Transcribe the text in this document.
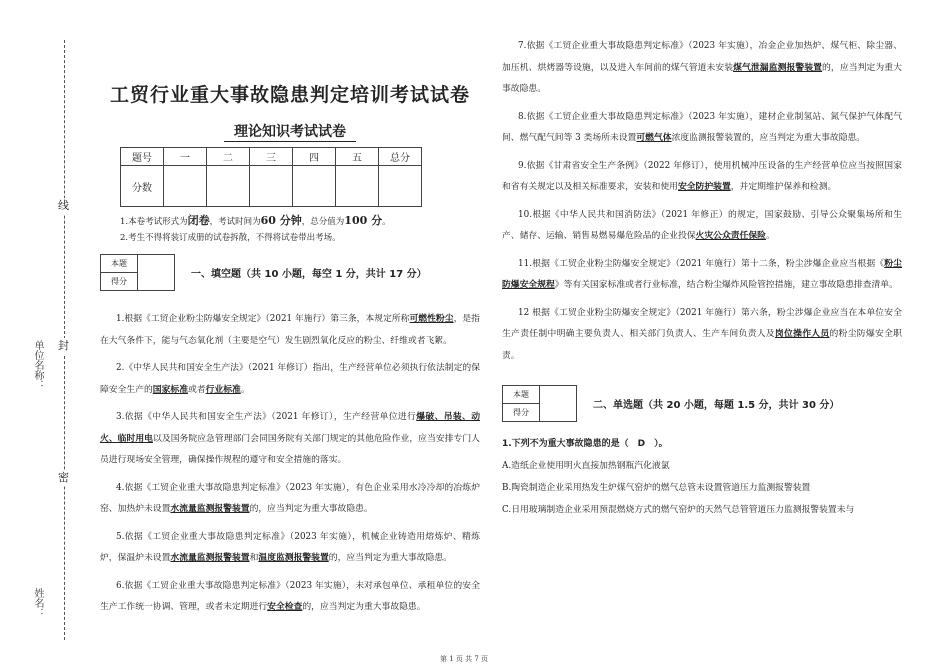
线
封
密
单位名称：
姓名：
工贸行业重大事故隐患判定培训考试试卷
理论知识考试试卷
题号	一	二	三	四	五	总分
分数						
1.本卷考试形式为闭卷，考试时间为60 分钟，总分值为100 分。
2.考生不得将装订成册的试卷拆散，不得将试卷带出考场。
本题	
得分
一、填空题（共 10 小题，每空 1 分，共计 17 分）

1.根据《工贸企业粉尘防爆安全规定》（2021 年施行）第三条，本规定所称可燃性粉尘，是指在大气条件下，能与气态氧化剂（主要是空气）发生剧烈氧化反应的粉尘、纤维或者飞絮。

2.《中华人民共和国安全生产法》（2021 年修订）指出，生产经营单位必须执行依法制定的保障安全生产的国家标准或者行业标准。

3.依据《中华人民共和国安全生产法》（2021 年修订），生产经营单位进行爆破、吊装、动火、临时用电以及国务院应急管理部门会同国务院有关部门规定的其他危险作业，应当安排专门人员进行现场安全管理，确保操作规程的遵守和安全措施的落实。

4.依据《工贸企业重大事故隐患判定标准》（2023 年实施），有色企业采用水冷冷却的冶炼炉窑、加热炉未设置水流量监测报警装置的，应当判定为重大事故隐患。

5.依据《工贸企业重大事故隐患判定标准》（2023 年实施），机械企业铸造用熔炼炉、精炼炉，保温炉未设置水流量监测报警装置和温度监测报警装置的，应当判定为重大事故隐患。

6.依据《工贸企业重大事故隐患判定标准》（2023 年实施），未对承包单位、承租单位的安全生产工作统一协调、管理，或者未定期进行安全检查的，应当判定为重大事故隐患。

7.依据《工贸企业重大事故隐患判定标准》（2023 年实施），冶金企业加热炉、煤气柜、除尘器、加压机、烘烤器等设施，以及进入车间前的煤气管道未安装煤气泄漏监测报警装置的，应当判定为重大事故隐患。

8.依据《工贸企业重大事故隐患判定标准》（2023 年实施），建材企业制氢站、氮气保护气体配气间、燃气配气间等 3 类场所未设置可燃气体浓度监测报警装置的，应当判定为重大事故隐患。

9.依据《甘肃省安全生产条例》（2022 年修订），使用机械冲压设备的生产经营单位应当按照国家和省有关规定以及相关标准要求，安装和使用安全防护装置，并定期维护保养和检测。

10.根据《中华人民共和国消防法》（2021 年修正）的规定，国家鼓励、引导公众聚集场所和生产、储存、运输、销售易燃易爆危险品的企业投保火灾公众责任保险。

11.根据《工贸企业粉尘防爆安全规定》（2021 年施行）第十二条，粉尘涉爆企业应当根据《粉尘防爆安全规程》等有关国家标准或者行业标准，结合粉尘爆炸风险管控措施，建立事故隐患排查清单。

12 根据《工贸企业粉尘防爆安全规定》（2021 年施行）第六条，粉尘涉爆企业应当在本单位安全生产责任制中明确主要负责人、相关部门负责人、生产车间负责人及岗位操作人员的粉尘防爆安全职责。

本题	
得分
二、单选题（共 20 小题，每题 1.5 分，共计 30 分）
1.下列不为重大事故隐患的是（　D　）。
A.造纸企业使用明火直接加热钢瓶汽化液氯
B.陶瓷制造企业采用热发生炉煤气窑炉的燃气总管未设置管道压力监测报警装置
C.日用玻璃制造企业采用预混燃烧方式的燃气窑炉的天然气总管管道压力监测报警装置未与
第 1 页 共 7 页
